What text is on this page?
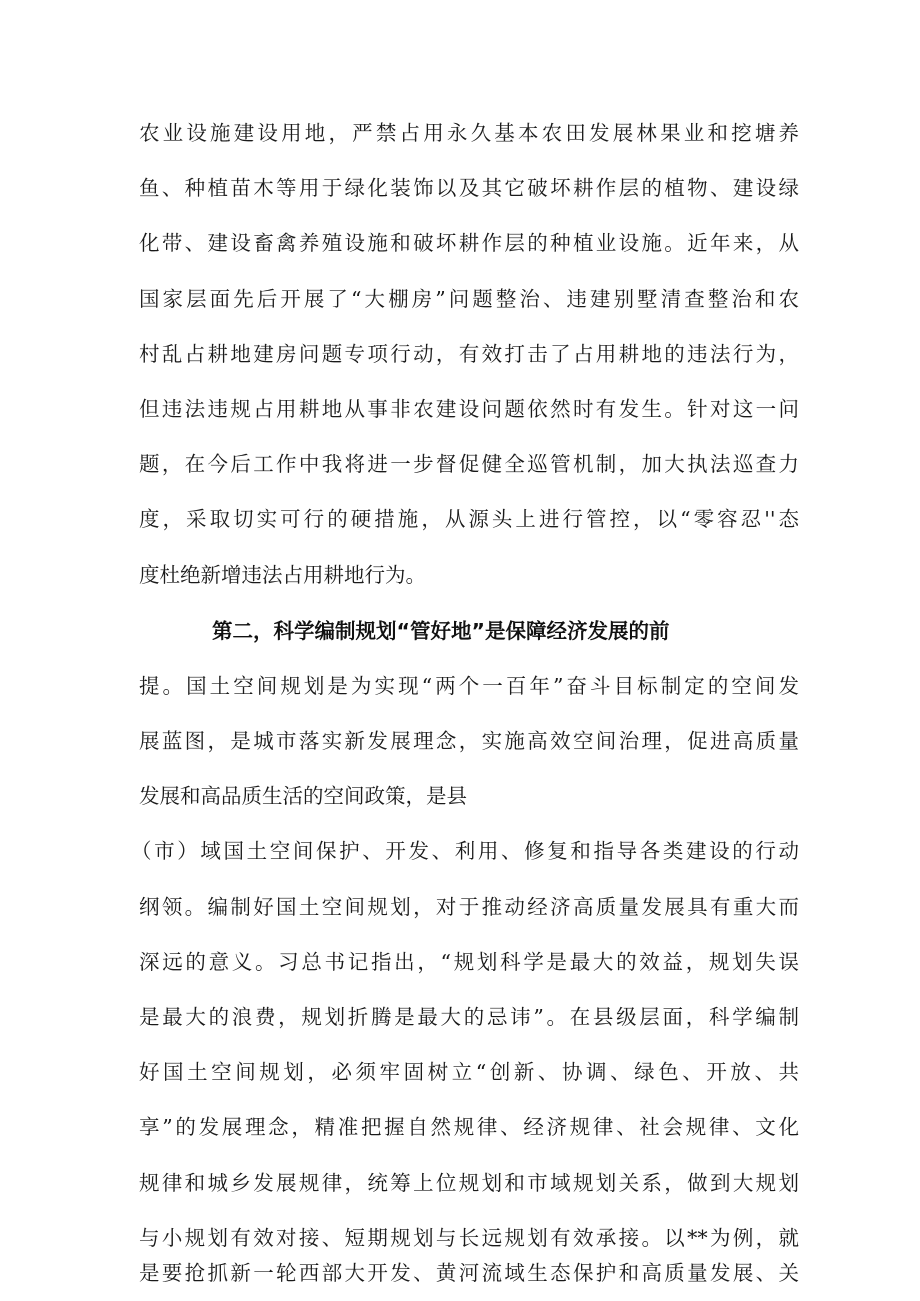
农业设施建设用地，严禁占用永久基本农田发展林果业和挖塘养
鱼、种植苗木等用于绿化装饰以及其它破坏耕作层的植物、建设绿
化带、建设畜禽养殖设施和破坏耕作层的种植业设施。近年来，从
国家层面先后开展了“大棚房”问题整治、违建别墅清查整治和农
村乱占耕地建房问题专项行动，有效打击了占用耕地的违法行为，
但违法违规占用耕地从事非农建设问题依然时有发生。针对这一问
题，在今后工作中我将进一步督促健全巡管机制，加大执法巡查力
度，采取切实可行的硬措施，从源头上进行管控，以“零容忍''态
度杜绝新增违法占用耕地行为。
第二，科学编制规划“管好地”是保障经济发展的前
提。国土空间规划是为实现“两个一百年”奋斗目标制定的空间发
展蓝图，是城市落实新发展理念，实施高效空间治理，促进高质量
发展和高品质生活的空间政策，是县
（市）域国土空间保护、开发、利用、修复和指导各类建设的行动
纲领。编制好国土空间规划，对于推动经济高质量发展具有重大而
深远的意义。习总书记指出，“规划科学是最大的效益，规划失误
是最大的浪费，规划折腾是最大的忌讳”。在县级层面，科学编制
好国土空间规划，必须牢固树立“创新、协调、绿色、开放、共
享”的发展理念，精准把握自然规律、经济规律、社会规律、文化
规律和城乡发展规律，统筹上位规划和市域规划关系，做到大规划
与小规划有效对接、短期规划与长远规划有效承接。以**为例，就
是要抢抓新一轮西部大开发、黄河流域生态保护和高质量发展、关
